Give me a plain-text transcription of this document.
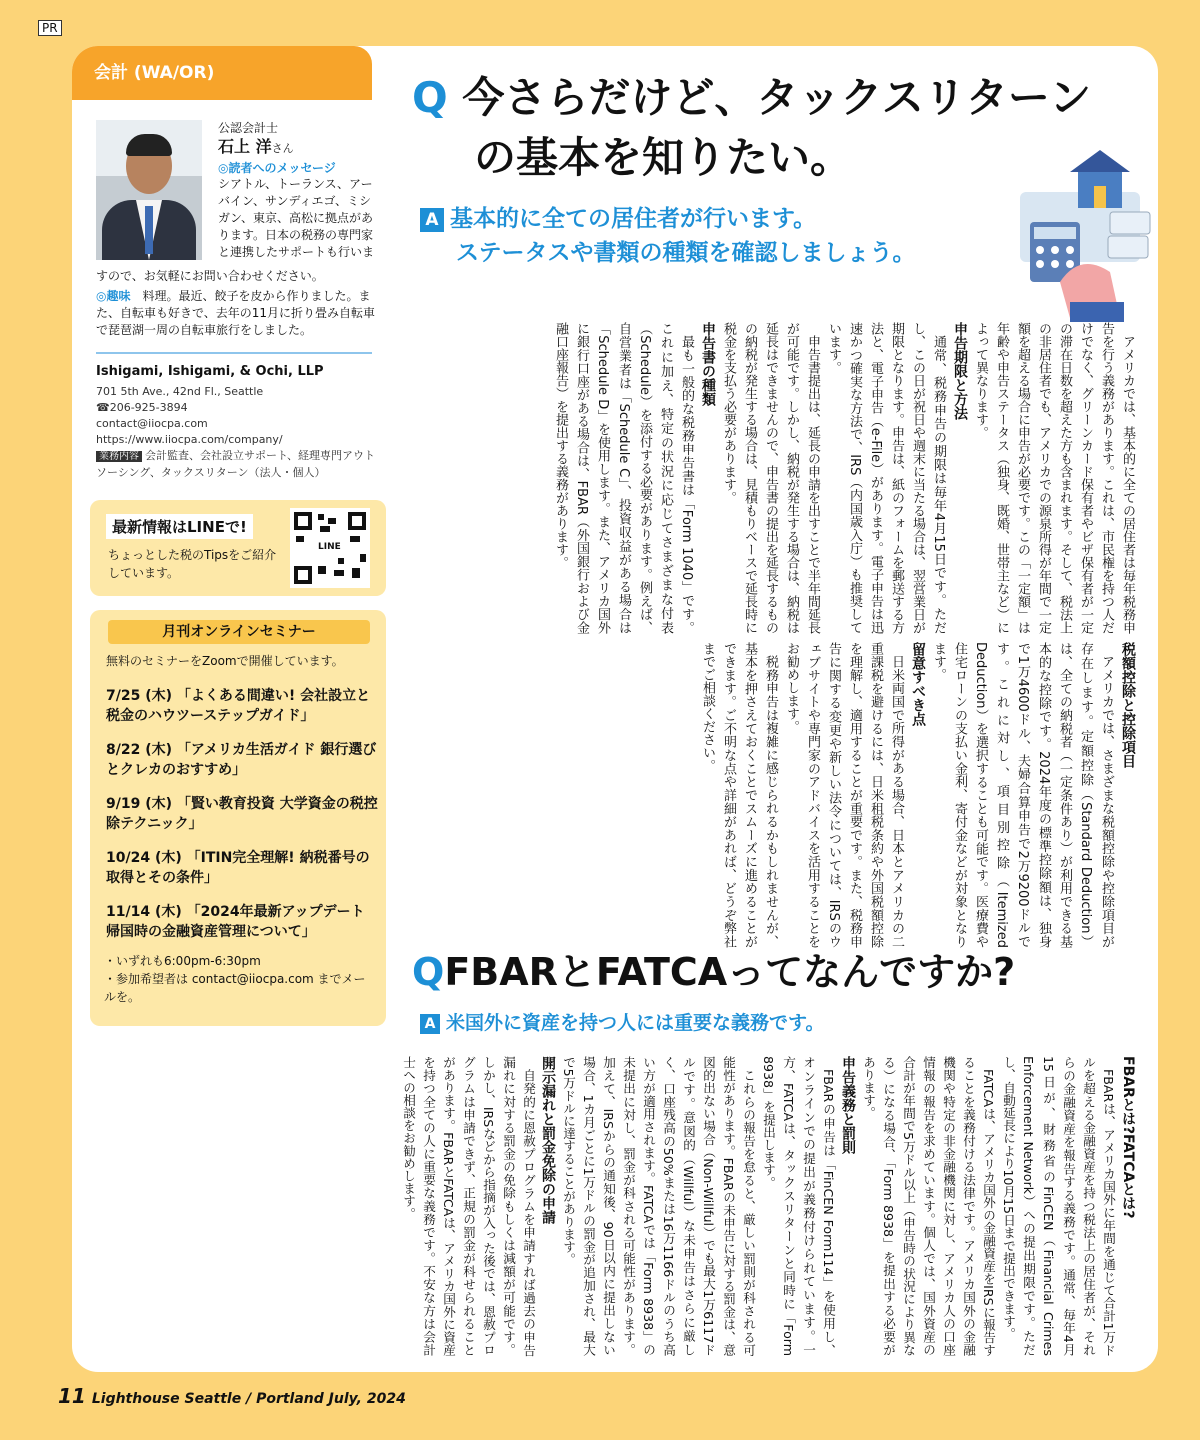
PR
会計 (WA/OR)
公認会計士
石上 洋さん
◎読者へのメッセージ
シアトル、トーランス、アーバイン、サンディエゴ、ミシガン、東京、高松に拠点があります。日本の税務の専門家と連携したサポートも行いま
すので、お気軽にお問い合わせください。
◎趣味　 料理。最近、餃子を皮から作りました。また、自転車も好きで、去年の11月に折り畳み自転車で琵琶湖一周の自転車旅行をしました。
Ishigami, Ishigami, & Ochi, LLP
701 5th Ave., 42nd Fl., Seattle
☎206-925-3894
contact@iiocpa.com
https://www.iiocpa.com/company/
業務内容 会計監査、会社設立サポート、経理専門アウトソーシング、タックスリターン（法人・個人）
最新情報はLINEで!
ちょっとした税のTipsをご紹介しています。
LINE
月刊オンラインセミナー
無料のセミナーをZoomで開催しています。
7/25 (木) 「よくある間違い! 会社設立と税金のハウツーステップガイド」
8/22 (木) 「アメリカ生活ガイド 銀行選びとクレカのおすすめ」
9/19 (木) 「賢い教育投資 大学資金の税控除テクニック」
10/24 (木) 「ITIN完全理解! 納税番号の取得とその条件」
11/14 (木) 「2024年最新アップデート帰国時の金融資産管理について」
・いずれも6:00pm-6:30pm
・参加希望者は contact@iiocpa.com までメールを。
Q 今さらだけど、タックスリターン
の基本を知りたい。
A 基本的に全ての居住者が行います。
ステータスや書類の種類を確認しましょう。

アメリカでは、基本的に全ての居住者は毎年税務申告を行う義務があります。これは、市民権を持つ人だけでなく、グリーンカード保有者やビザ保有者が一定の滞在日数を超えた方も含まれます。そして、税法上の非居住者でも、アメリカでの源泉所得が年間で一定額を超える場合に申告が必要です。この「一定額」は年齢や申告ステータス（独身、既婚、世帯主など）によって異なります。

申告期限と方法

通常、税務申告の期限は毎年4月15日です。ただし、この日が祝日や週末に当たる場合は、翌営業日が期限となります。申告は、紙のフォームを郵送する方法と、電子申告（e-File）があります。電子申告は迅速かつ確実な方法で、IRS（内国歳入庁）も推奨しています。

申告書提出は、延長の申請を出すことで半年間延長が可能です。しかし、納税が発生する場合は、納税は延長はできませんので、申告書の提出を延長するものの納税が発生する場合は、見積もりベースで延長時に税金を支払う必要があります。

申告書の種類

最も一般的な税務申告書は「Form 1040」です。これに加え、特定の状況に応じてさまざまな付表（Schedule）を添付する必要があります。例えば、自営業者は「Schedule C」、投資収益がある場合は「Schedule D」を使用します。また、アメリカ国外に銀行口座がある場合は、FBAR（外国銀行および金融口座報告）を提出する義務があります。

税額控除と控除項目

アメリカでは、さまざまな税額控除や控除項目が存在します。定額控除（Standard Deduction）は、全ての納税者（一定条件あり）が利用できる基本的な控除です。2024年度の標準控除額は、独身で1万4600ドル、夫婦合算申告で2万9200ドルです。これに対し、項目別控除（Itemized Deduction）を選択することも可能です。医療費や住宅ローンの支払い金利、寄付金などが対象となります。

留意すべき点

日米両国で所得がある場合、日本とアメリカの二重課税を避けるには、日米租税条約や外国税額控除を理解し、適用することが重要です。また、税務申告に関する変更や新しい法令については、IRSのウェブサイトや専門家のアドバイスを活用することをお勧めします。

税務申告は複雑に感じられるかもしれませんが、基本を押さえておくことでスムーズに進めることができます。ご不明な点や詳細があれば、どうぞ弊社までご相談ください。

QFBARとFATCAってなんですか?
A 米国外に資産を持つ人には重要な義務です。
FBARとは?FATCAとは?

FBARは、アメリカ国外に年間を通じて合計1万ドルを超える金融資産を持つ税法上の居住者が、それらの金融資産を報告する義務です。通常、毎年4月15日が、財務省のFinCEN（Financial Crimes Enforcement Network）への提出期限です。ただし、自動延長により10月15日まで提出できます。

FATCAは、アメリカ国外の金融資産をIRSに報告することを義務付ける法律です。アメリカ国外の金融機関や特定の非金融機関に対し、アメリカ人の口座情報の報告を求めています。個人では、国外資産の合計が年間で5万ドル以上（申告時の状況により異なる）になる場合、「Form 8938」を提出する必要があります。

申告義務と罰則

FBARの申告は「FinCEN Form114」を使用し、オンラインでの提出が義務付けられています。一方、FATCAは、タックスリターンと同時に「Form 8938」を提出します。

これらの報告を怠ると、厳しい罰則が科される可能性があります。FBARの未申告に対する罰金は、意図的出ない場合（Non-Willful）でも最大1万6117ドルです。意図的（Willful）な未申告はさらに厳しく、口座残高の50%または16万1166ドルのうち高い方が適用されます。FATCAでは「Form 8938」の未提出に対し、罰金が科される可能性があります。加えて、IRSからの通知後、90日以内に提出しない場合、1カ月ごとに1万ドルの罰金が追加され、最大で5万ドルに達することがあります。

開示漏れと罰金免除の申請

自発的に恩赦プログラムを申請すれば過去の申告漏れに対する罰金の免除もしくは減額が可能です。しかし、IRSなどから指摘が入った後では、恩赦プログラムは申請できず、正規の罰金が科せられることがあります。FBARとFATCAは、アメリカ国外に資産を持つ全ての人に重要な義務です。不安な方は会計士への相談をお勧めします。

11 Lighthouse Seattle / Portland July, 2024
